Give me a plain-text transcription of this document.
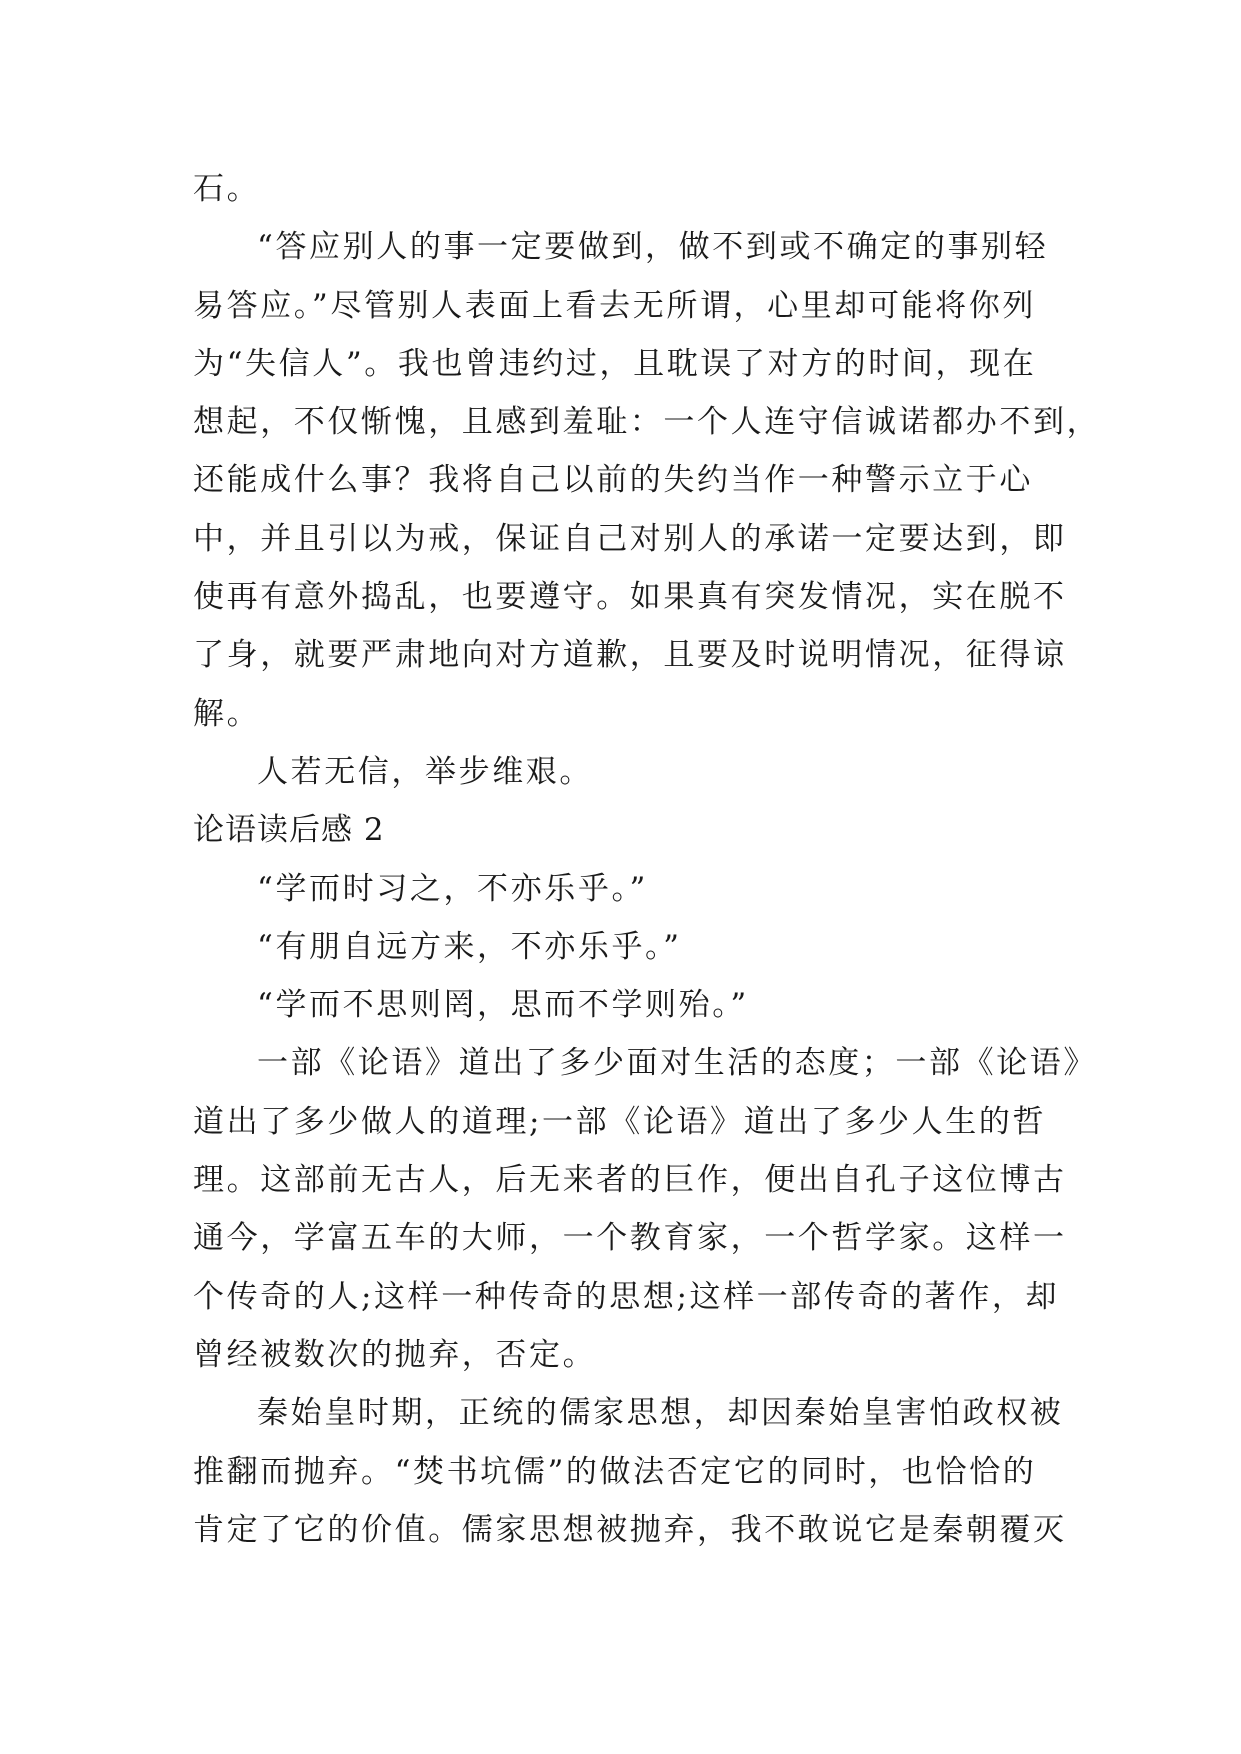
石。
“答应别人的事一定要做到，做不到或不确定的事别轻
易答应。”尽管别人表面上看去无所谓，心里却可能将你列
为“失信人”。我也曾违约过，且耽误了对方的时间，现在
想起，不仅惭愧，且感到羞耻：一个人连守信诚诺都办不到，
还能成什么事？我将自己以前的失约当作一种警示立于心
中，并且引以为戒，保证自己对别人的承诺一定要达到，即
使再有意外捣乱，也要遵守。如果真有突发情况，实在脱不
了身，就要严肃地向对方道歉，且要及时说明情况，征得谅
解。
人若无信，举步维艰。
论语读后感 2
“学而时习之，不亦乐乎。”
“有朋自远方来，不亦乐乎。”
“学而不思则罔，思而不学则殆。”
一部《论语》道出了多少面对生活的态度；一部《论语》
道出了多少做人的道理;一部《论语》道出了多少人生的哲
理。这部前无古人，后无来者的巨作，便出自孔子这位博古
通今，学富五车的大师，一个教育家，一个哲学家。这样一
个传奇的人;这样一种传奇的思想;这样一部传奇的著作，却
曾经被数次的抛弃，否定。
秦始皇时期，正统的儒家思想，却因秦始皇害怕政权被
推翻而抛弃。“焚书坑儒”的做法否定它的同时，也恰恰的
肯定了它的价值。儒家思想被抛弃，我不敢说它是秦朝覆灭
